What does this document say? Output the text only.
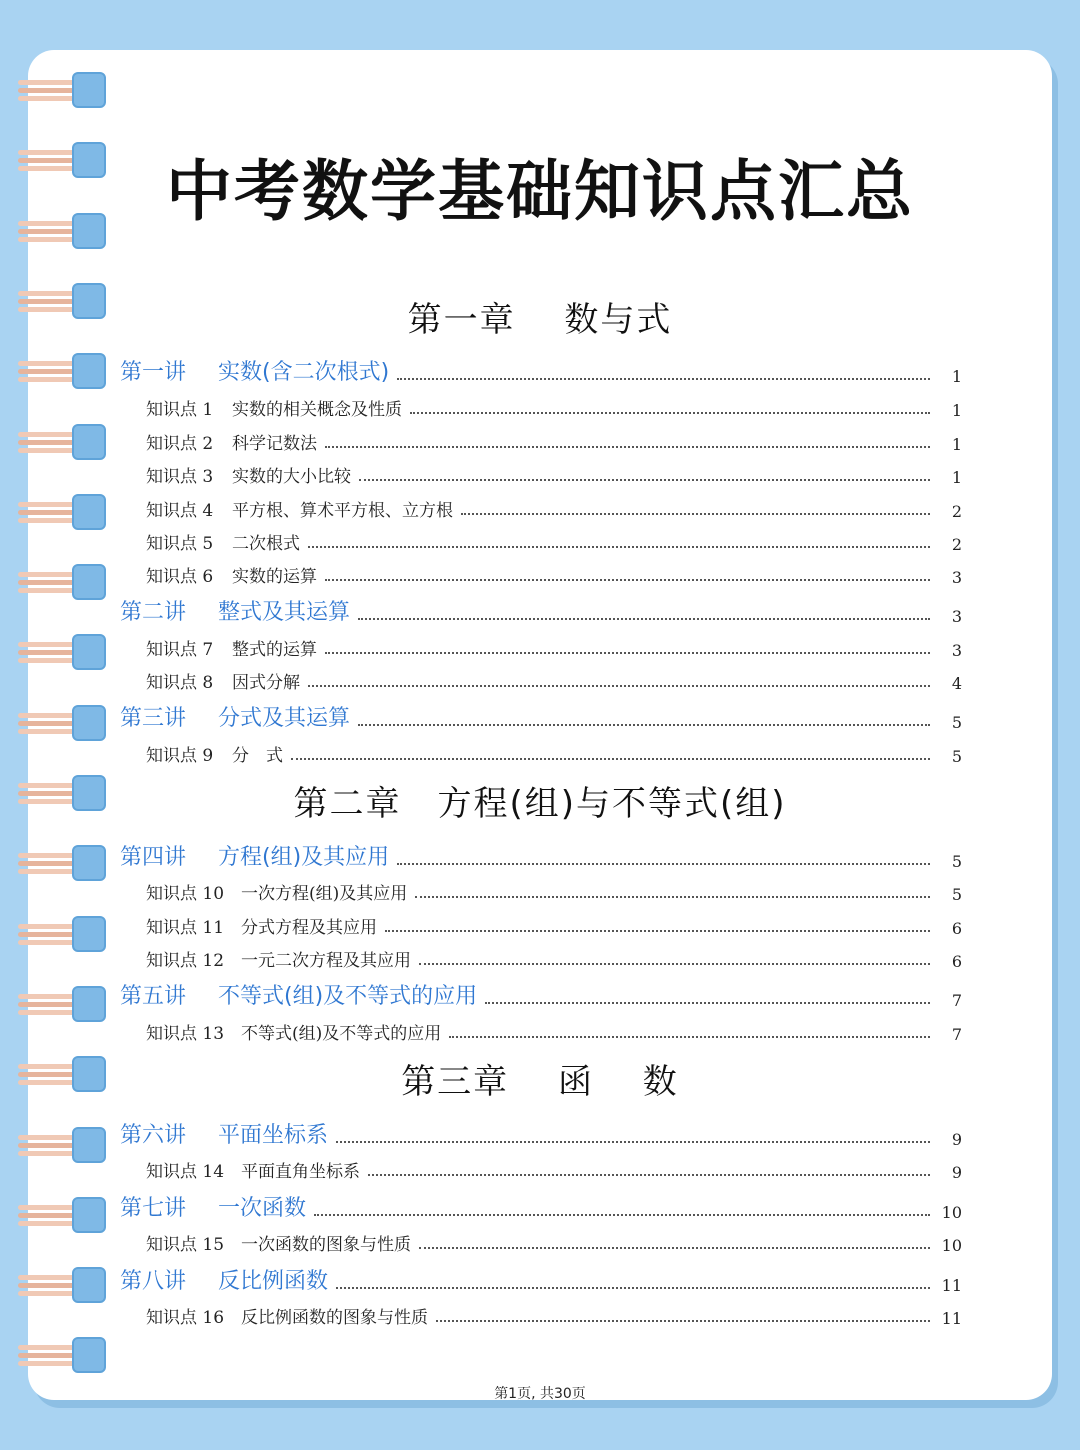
中考数学基础知识点汇总
第一章　 数与式
第二章　方程(组)与不等式(组)
第三章　 函　 数
第一讲	实数(含二次根式)	1
知识点 1	实数的相关概念及性质	1
知识点 2	科学记数法	1
知识点 3	实数的大小比较	1
知识点 4	平方根、算术平方根、立方根	2
知识点 5	二次根式	2
知识点 6	实数的运算	3
第二讲	整式及其运算	3
知识点 7	整式的运算	3
知识点 8	因式分解	4
第三讲	分式及其运算	5
知识点 9	分　式	5
第四讲	方程(组)及其应用	5
知识点 10 一次方程(组)及其应用	5
知识点 11 分式方程及其应用	6
知识点 12 一元二次方程及其应用	6
第五讲	不等式(组)及不等式的应用	7
知识点 13 不等式(组)及不等式的应用	7
第六讲	平面坐标系	9
知识点 14 平面直角坐标系	9
第七讲	一次函数	10
知识点 15 一次函数的图象与性质	10
第八讲	反比例函数	11
知识点 16 反比例函数的图象与性质	11
第1页, 共30页
